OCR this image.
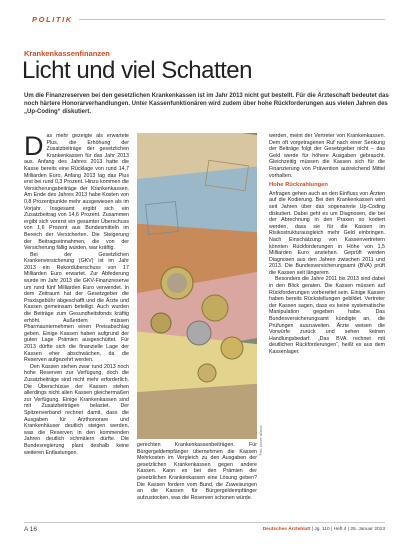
POLITIK
Krankenkassenfinanzen
Licht und viel Schatten

Um die Finanzreserven bei den gesetzlichen Krankenkassen ist im Jahr 2013 nicht gut bestellt. Für die Ärzteschaft bedeutet das noch härtere Honorarverhandlungen. Unter Kassenfunktionären wird zudem über hohe Rückforderungen aus vielen Jahren des „Up-Coding“ diskutiert.

D as mehr gezeigte als erwartete Plus, die Erhöhung der Zusatzbeiträge der gesetzlichen Krankenkassen für das Jahr 2013 aus. Anfang des Jahres 2013 hatte die Kasse bereits eine Rücklage von rund 14,7 Milliarden Euro, Anfang 2013 lag das Plus erst bei rund 0,3 Prozent. Hinzu kommen die Versicherungsbeiträge der Krankenkassen. Am Ende des Jahres 2013 habe Kosten von 0,8 Prozentpunkte mehr ausgewiesen als im Vorjahr. Insgesamt ergibt sich ein Zusatzbeitrag von 14,6 Prozent. Zusammen ergibt sich vorerst ein gesamter Überschuss von 1,6 Prozent aus Bundesmitteln im Bereich der Versicherten. Die Steigerung der Beitragseinnahmen, die von der Versicherung fällig wurden, war kräftig.

Bei der Gesetzlichen Krankenversicherung (GKV) ist im Jahr 2013 ein Rekordüberschuss von 17 Milliarden Euro erwartet. Zur Abfederung wurde im Jahr 2013 die GKV-Finanzreserve um rund fünf Milliarden Euro verwendet. In dem Zeitraum hat der Gesetzgeber die Praxisgebühr abgeschafft und die Ärzte und Kassen gemeinsam beteiligt. Auch wurden die Beiträge zum Gesundheitsfonds kräftig erhöht. Außerdem müssen Pharmaunternehmen einen Preisabschlag geben. Einige Kassen haben aufgrund der guten Lage Prämien ausgeschüttet. Für 2013 dürfte sich die finanzielle Lage der Kassen eher abschwächen, da die Reserven aufgezehrt werden.

Den Kassen stehen zwar rund 2013 noch hohe Reserven zur Verfügung, doch die Zusatzbeiträge sind nicht mehr erforderlich. Die Überschüsse der Kassen stehen allerdings nicht allen Kassen gleichermaßen zur Verfügung. Einige Krankenkassen sind mit Zusatzbeiträgen belastet. Der Spitzenverband rechnet damit, dass die Ausgaben für Arzthonorare und Krankenhäuser deutlich steigen werden, was die Reserven in den kommenden Jahren deutlich schmälern dürfte. Die Bundesregierung plant deshalb keine weiteren Entlastungen.	Foto: picture alliance

gerechten Krankenkassenbeiträgen. Für Bürgergeldempfänger übernehmen die Kassen Mehrkosten im Vergleich zu den Ausgaben der gesetzlichen Krankenkassen gegen andere Kassen. Kann es bei den Prämien der gesetzlichen Krankenkassen eine Lösung geben? Die Kassen fordern vom Bund, die Zuweisungen an die Kassen für Bürgergeldempfänger aufzustocken, was die Reserven schonen würde.

werden, meint der Vertreter von Krankenkassen. Dem oft vorgetragenen Ruf nach einer Senkung der Beiträge folgt der Gesetzgeber nicht – das Geld werde für höhere Ausgaben gebraucht. Gleichzeitig müssen die Kassen sich für die Finanzierung von Prävention ausreichend Mittel vorhalten.

Hohe Rückzahlungen

Anfragen gehen auch an den Einfluss von Ärzten auf die Kodierung. Bei den Krankenkassen wird seit Jahren über das sogenannte Up-Coding diskutiert. Dabei geht es um Diagnosen, die bei der Abrechnung in den Praxen so kodiert werden, dass sie für die Kassen im Risikostrukturausgleich mehr Geld einbringen. Nach Einschätzung von Kassenvertretern könnten Rückforderungen in Höhe von 1,5 Milliarden Euro anstehen. Geprüft werden Diagnosen aus den Jahren zwischen 2011 und 2013. Die Bundesversicherungsamt (BVA) prüft die Kassen seit längerem.

Besonders die Jahre 2011 bis 2013 sind dabei in den Blick geraten. Die Kassen müssen auf Rückforderungen vorbereitet sein. Einige Kassen haben bereits Rückstellungen gebildet. Vertreter der Kassen sagen, dass es keine systematische Manipulation gegeben habe. Das Bundesversicherungsamt kündigte an, die Prüfungen auszuweiten. Ärzte weisen die Vorwürfe zurück und sehen keinen Handlungsbedarf. „Das BVA rechnet mit deutlichen Rückforderungen“, heißt es aus dem Kassenlager.

A 16	Deutsches Ärzteblatt | Jg. 110 | Heft 4 | 25. Januar 2013
